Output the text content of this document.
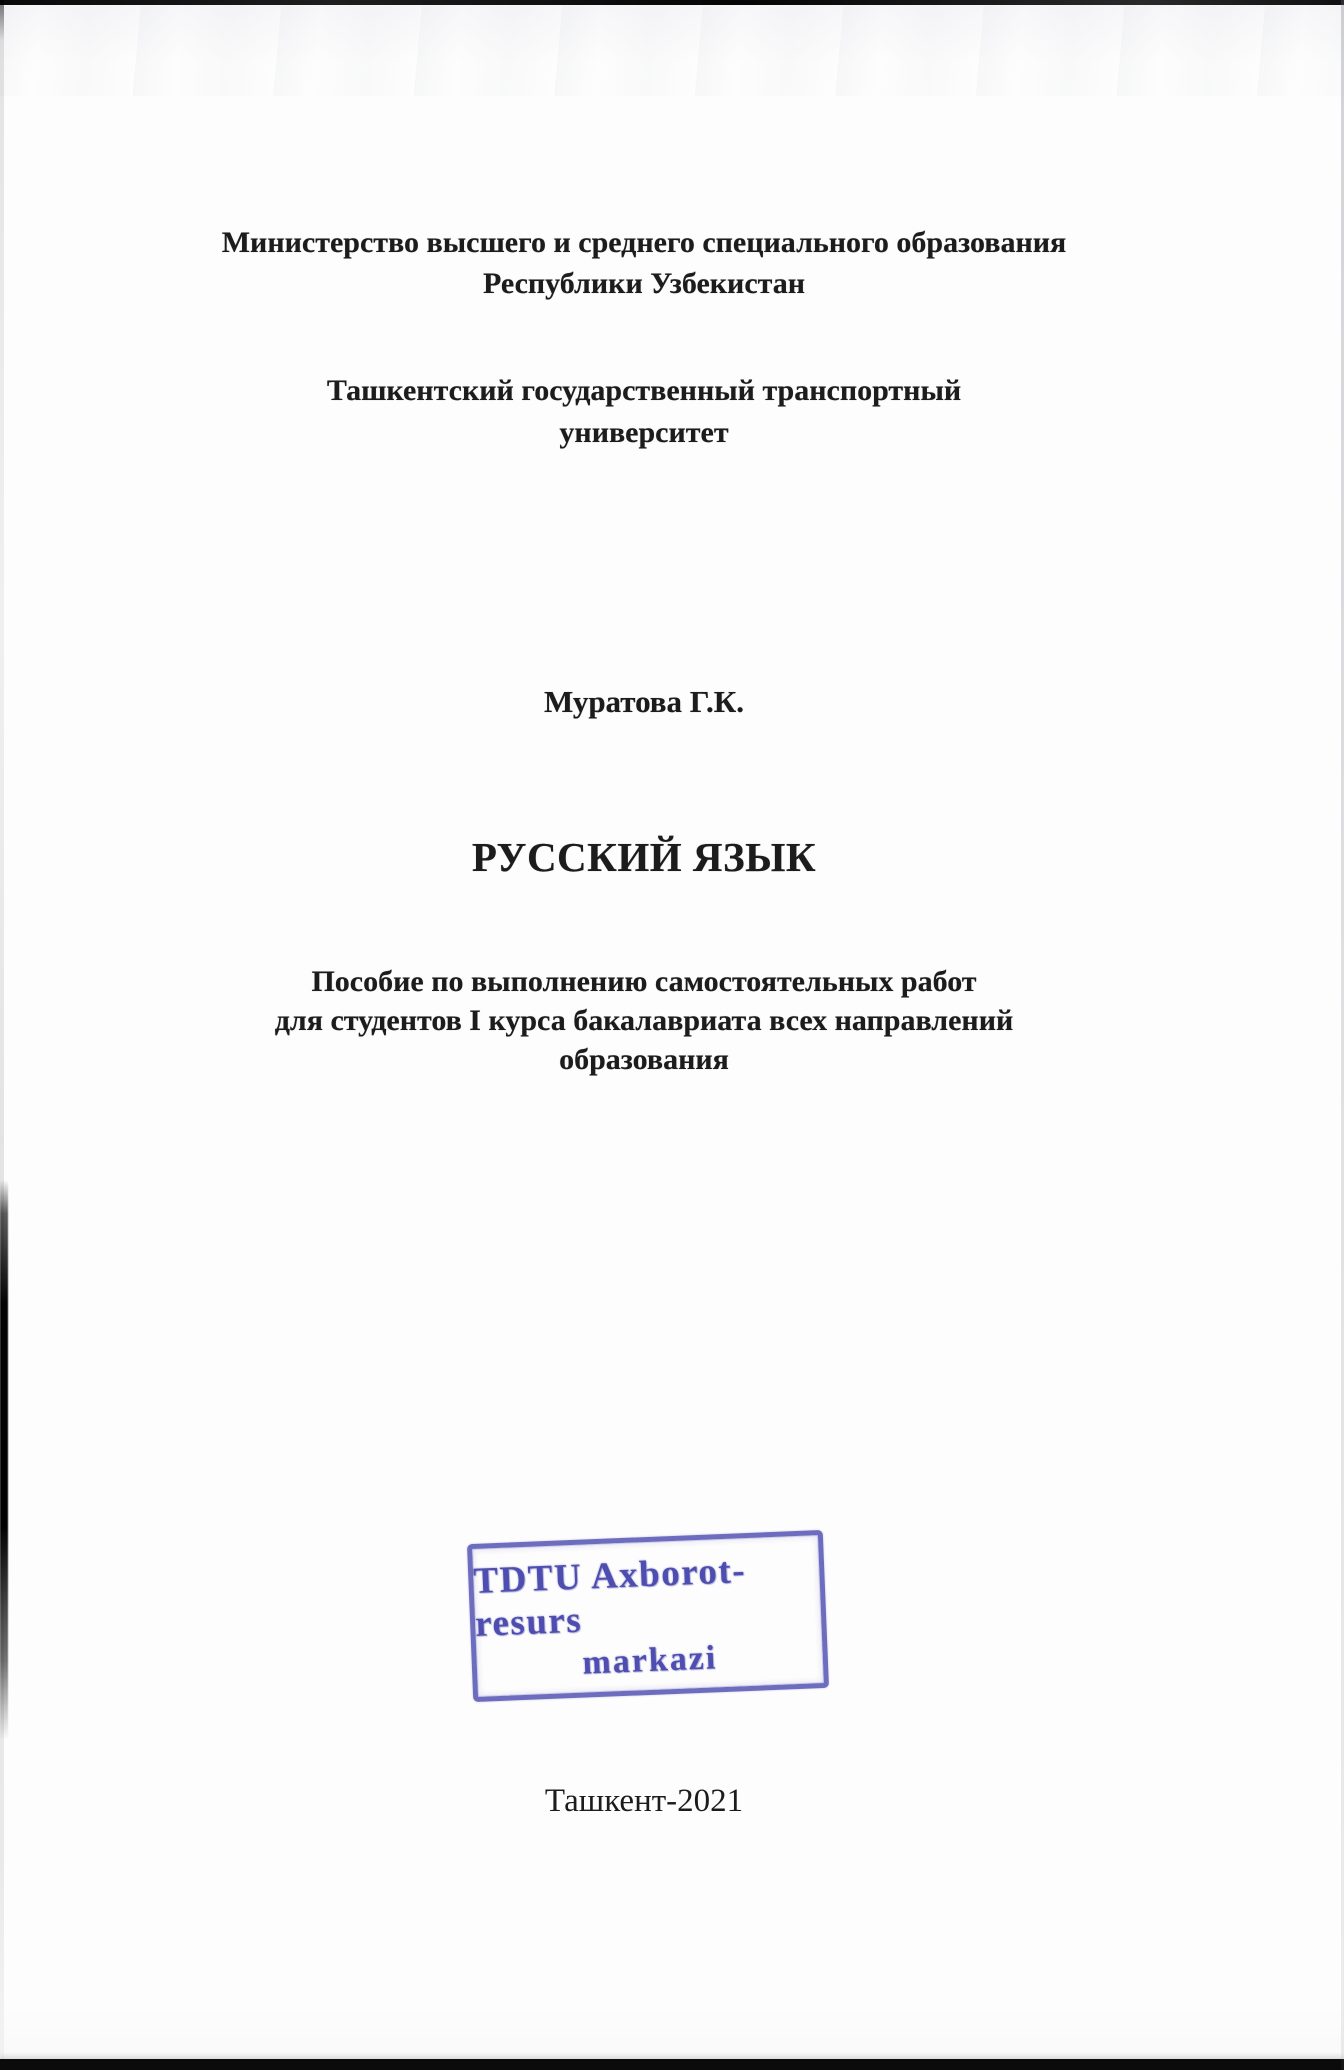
Министерство высшего и среднего специального образования
Республики Узбекистан
Ташкентский государственный транспортный
университет
Муратова Г.К.
РУССКИЙ ЯЗЫК
Пособие по выполнению самостоятельных работ
для студентов I курса бакалавриата всех направлений
образования
TDTU Axborot-resurs
markazi
Ташкент-2021
